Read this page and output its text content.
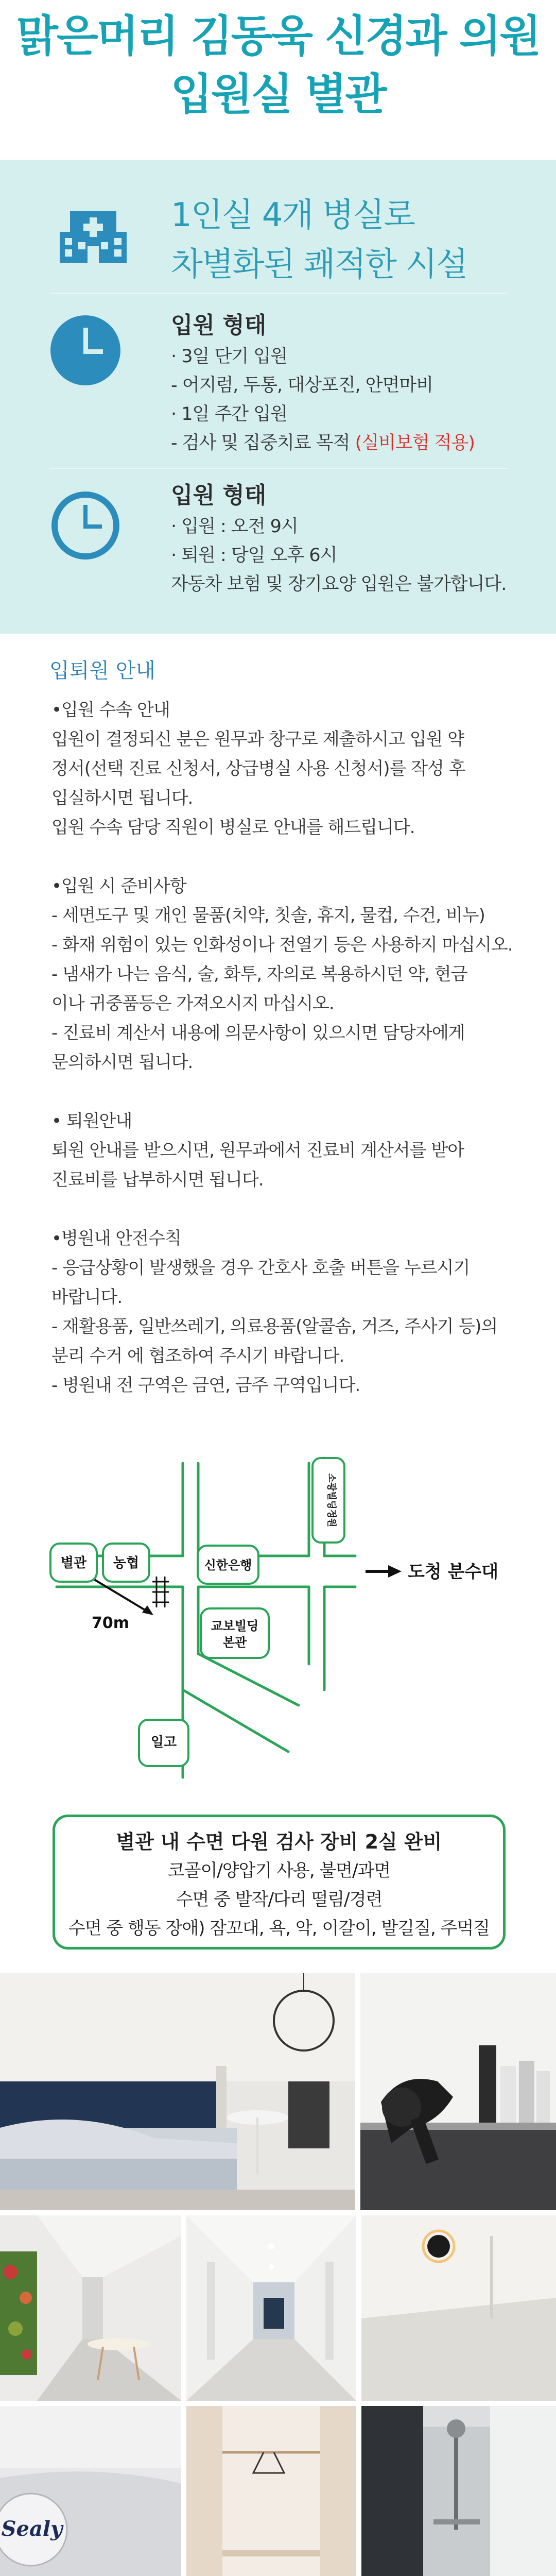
맑은머리 김동욱 신경과 의원
입원실 별관
1인실 4개 병실로
차별화된 쾌적한 시설
입원 형태
· 3일 단기 입원
- 어지럼, 두통, 대상포진, 안면마비
· 1일 주간 입원
- 검사 및 집중치료 목적 (실비보험 적용)
입원 형태
· 입원 : 오전 9시
· 퇴원 : 당일 오후 6시
자동차 보험 및 장기요양 입원은 불가합니다.
입퇴원 안내
•입원 수속 안내
입원이 결정되신 분은 원무과 창구로 제출하시고 입원 약
정서(선택 진료 신청서, 상급병실 사용 신청서)를 작성 후
입실하시면 됩니다.
입원 수속 담당 직원이 병실로 안내를 해드립니다.
•입원 시 준비사항
- 세면도구 및 개인 물품(치약, 칫솔, 휴지, 물컵, 수건, 비누)
- 화재 위험이 있는 인화성이나 전열기 등은 사용하지 마십시오.
- 냄새가 나는 음식, 술, 화투, 자의로 복용하시던 약, 현금
이나 귀중품등은 가져오시지 마십시오.
- 진료비 계산서 내용에 의문사항이 있으시면 담당자에게
문의하시면 됩니다.
• 퇴원안내
퇴원 안내를 받으시면, 원무과에서 진료비 계산서를 받아
진료비를 납부하시면 됩니다.
•병원내 안전수칙
- 응급상황이 발생했을 경우 간호사 호출 버튼을 누르시기
바랍니다.
- 재활용품, 일반쓰레기, 의료용품(알콜솜, 거즈, 주사기 등)의
분리 수거 에 협조하여 주시기 바랍니다.
- 병원내 전 구역은 금연, 금주 구역입니다.
별관 농협	신한은행
교보빌딩
본관
일고
소광빌딩정원
70m
도청 분수대
별관 내 수면 다원 검사 장비 2실 완비
코골이/양압기 사용, 불면/과면
수면 중 발작/다리 떨림/경련
수면 중 행동 장애) 잠꼬대, 욕, 악, 이갈이, 발길질, 주먹질
Sealy
